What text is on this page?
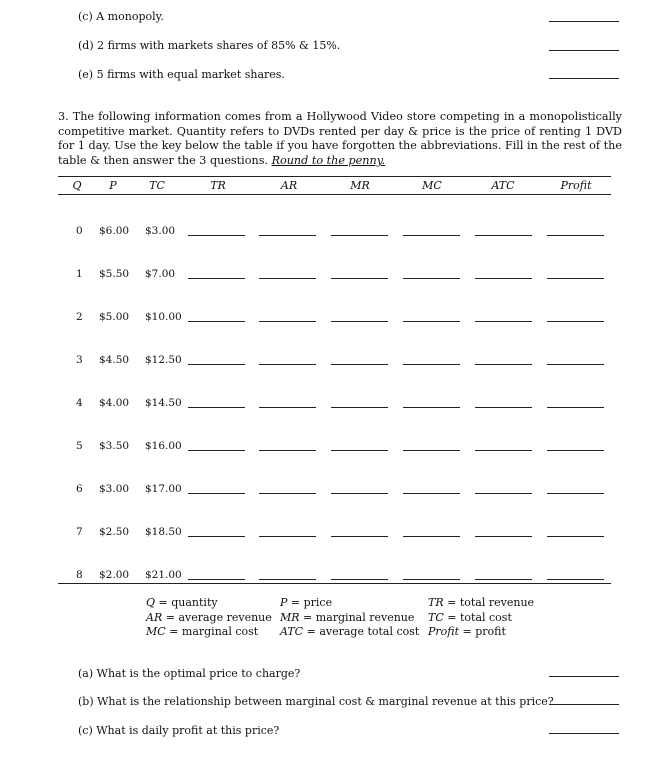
(c) A monopoly.
(d) 2 firms with markets shares of 85% & 15%.
(e) 5 firms with equal market shares.
3. The following information comes from a Hollywood Video store competing in a monopolistically competitive market. Quantity refers to DVDs rented per day & price is the price of renting 1 DVD for 1 day. Use the key below the table if you have forgotten the abbreviations. Fill in the rest of the table & then answer the 3 questions. Round to the penny.
Q	P	TC	TR	AR	MR	MC	ATC	Profit
0 $6.00 $3.00
1 $5.50 $7.00
2 $5.00 $10.00
3 $4.50 $12.50
4 $4.00 $14.50
5 $3.50 $16.00
6 $3.00 $17.00
7 $2.50 $18.50
8 $2.00 $21.00
Q = quantity
AR = average revenue
MC = marginal cost
P = price
MR = marginal revenue
ATC = average total cost
TR = total revenue
TC = total cost
Profit = profit
(a) What is the optimal price to charge?
(b) What is the relationship between marginal cost & marginal revenue at this price?
(c) What is daily profit at this price?
